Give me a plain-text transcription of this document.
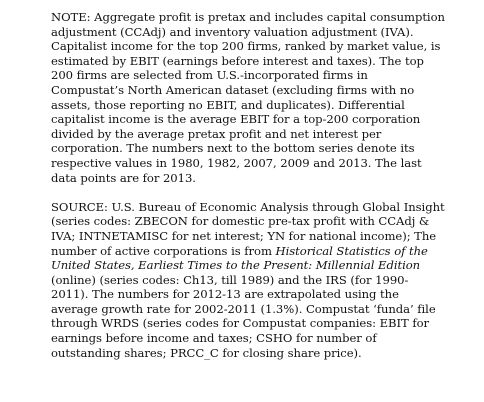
NOTE: Aggregate profit is pretax and includes capital consumption
adjustment (CCAdj) and inventory valuation adjustment (IVA).
Capitalist income for the top 200 firms, ranked by market value, is
estimated by EBIT (earnings before interest and taxes). The top
200 firms are selected from U.S.-incorporated firms in
Compustat’s North American dataset (excluding firms with no
assets, those reporting no EBIT, and duplicates). Differential
capitalist income is the average EBIT for a top-200 corporation
divided by the average pretax profit and net interest per
corporation. The numbers next to the bottom series denote its
respective values in 1980, 1982, 2007, 2009 and 2013. The last
data points are for 2013.

SOURCE: U.S. Bureau of Economic Analysis through Global Insight
(series codes: ZBECON for domestic pre-tax profit with CCAdj &
IVA; INTNETAMISC for net interest; YN for national income); The
number of active corporations is from Historical Statistics of the
United States, Earliest Times to the Present: Millennial Edition
(online) (series codes: Ch13, till 1989) and the IRS (for 1990-
2011). The numbers for 2012-13 are extrapolated using the
average growth rate for 2002-2011 (1.3%). Compustat ‘funda’ file
through WRDS (series codes for Compustat companies: EBIT for
earnings before income and taxes; CSHO for number of
outstanding shares; PRCC_C for closing share price).
